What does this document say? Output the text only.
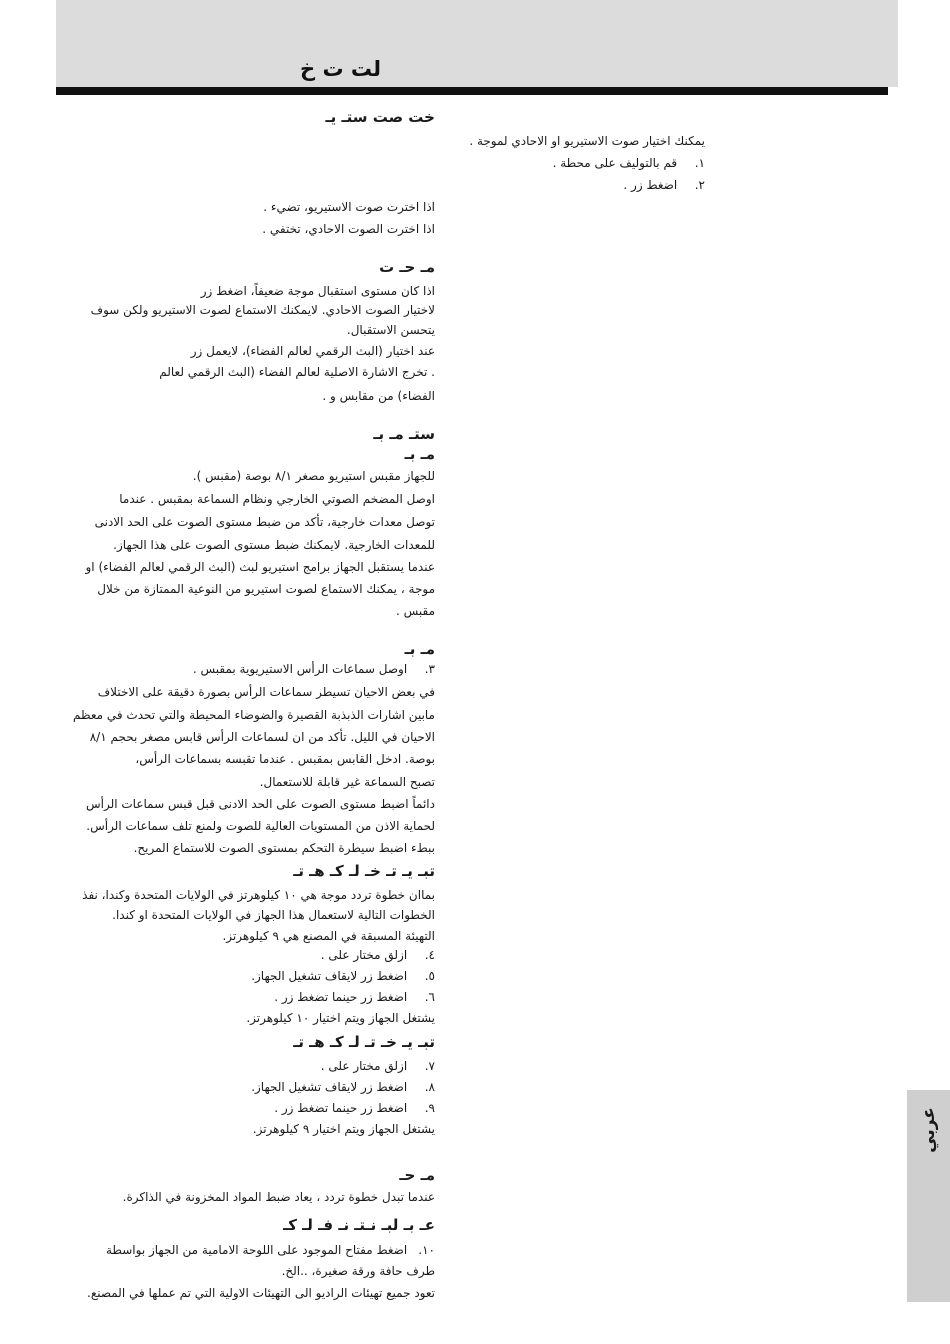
لت ت خ
عربي
خت صت ستـ يـ
يمكنك اختيار صوت الاستيريو او الاحادي لموجة .
١. قم بالتوليف على محطة .
٢. اضغط زر .
اذا اخترت صوت الاستيريو، تضيء .
اذا اخترت الصوت الاحادي، تختفي .
مـ حـ ت
اذا كان مستوى استقبال موجة ضعيفاً، اضغط زر
لاختيار الصوت الاحادي. لايمكنك الاستماع لصوت الاستيريو ولكن سوف
يتحسن الاستقبال.
عند اختيار (البث الرقمي لعالم الفضاء)، لايعمل زر
. تخرج الاشارة الاصلية لعالم الفضاء (البث الرقمي لعالم
الفضاء) من مقابس و .
ستـ مـ بـ
مـ بـ
للجهاز مقبس استيريو مصغر ٨/١ بوصة (مقبس ).
اوصل المضخم الصوتي الخارجي ونظام السماعة بمقبس . عندما
توصل معدات خارجية، تأكد من ضبط مستوى الصوت على الحد الادنى
للمعدات الخارجية. لايمكنك ضبط مستوى الصوت على هذا الجهاز.
عندما يستقبل الجهاز برامج استيريو لبث (البث الرقمي لعالم الفضاء) او
موجة ، يمكنك الاستماع لصوت استيريو من النوعية الممتازة من خلال
مقبس .
مـ بـ
٣. اوصل سماعات الرأس الاستيريوية بمقبس .
في بعض الاحيان تسيطر سماعات الرأس بصورة دقيقة على الاختلاف
مابين اشارات الذبذبة القصيرة والضوضاء المحيطة والتي تحدث في معظم
الاحيان في الليل. تأكد من ان لسماعات الرأس قابس مصغر بحجم ٨/١
بوصة. ادخل القابس بمقبس . عندما تقبسه بسماعات الرأس،
تصبح السماعة غير قابلة للاستعمال.
دائماً اضبط مستوى الصوت على الحد الادنى قبل قبس سماعات الرأس
لحماية الاذن من المستويات العالية للصوت ولمنع تلف سماعات الرأس.
ببطء اضبط سيطرة التحكم بمستوى الصوت للاستماع المريح.
تبـ يـ تـ خـ لـ كـ هـ تـ
بماان خطوة تردد موجة هي ١٠ كيلوهرتز في الولايات المتحدة وكندا، نفذ
الخطوات التالية لاستعمال هذا الجهاز في الولايات المتحدة او كندا.
التهيئة المسبقة في المصنع هي ٩ كيلوهرتز.
٤. ازلق مختار على .
٥. اضغط زر لايقاف تشغيل الجهاز.
٦. اضغط زر حينما تضغط زر .
يشتغل الجهاز ويتم اختيار ١٠ كيلوهرتز.
تبـ يـ خـ تـ لـ كـ هـ تـ
٧. ازلق مختار على .
٨. اضغط زر لايقاف تشغيل الجهاز.
٩. اضغط زر حينما تضغط زر .
يشتغل الجهاز ويتم اختيار ٩ كيلوهرتز.
مـ حـ
عندما تبدل خطوة تردد ، يعاد ضبط المواد المخزونة في الذاكرة.
عـ بـ لبـ نـتـ نـ فـ لـ كـ
١٠. اضغط مفتاح الموجود على اللوحة الامامية من الجهاز بواسطة
طرف حافة ورقة صغيرة، ..الخ.
تعود جميع تهيئات الراديو الى التهيئات الاولية التي تم عملها في المصنع.
